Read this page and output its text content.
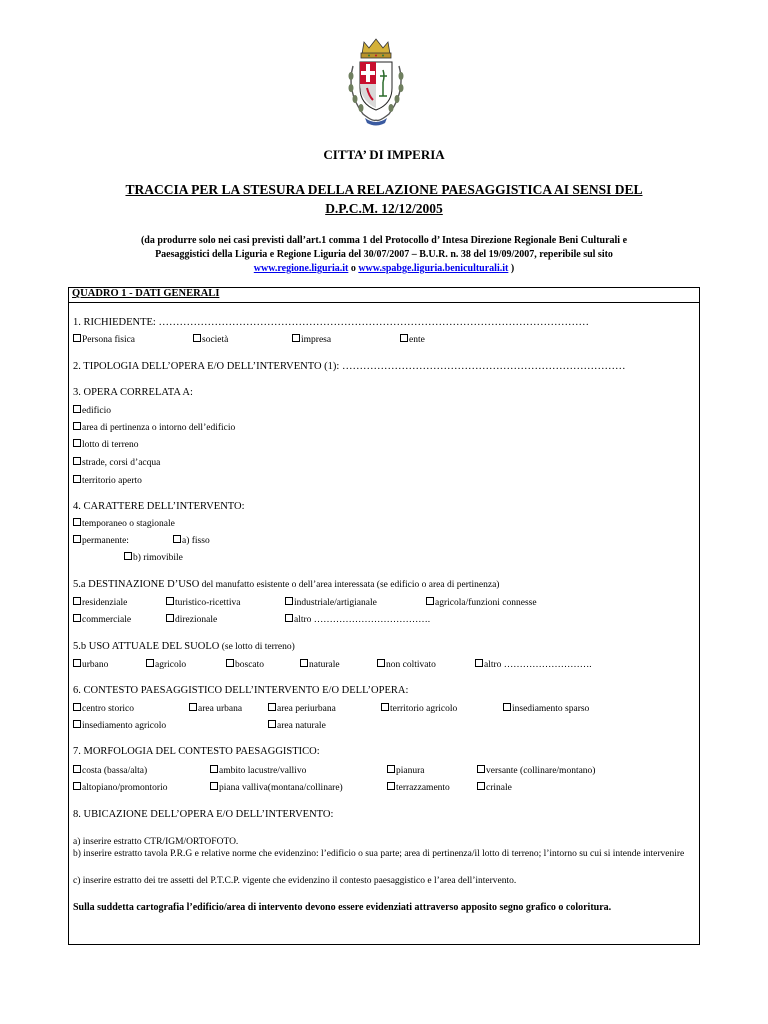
CITTA’ DI IMPERIA
TRACCIA PER LA STESURA DELLA RELAZIONE PAESAGGISTICA AI SENSI DEL
D.P.C.M. 12/12/2005
(da produrre solo nei casi previsti dall’art.1 comma 1 del Protocollo d’ Intesa Direzione Regionale Beni Culturali e
Paesaggistici della Liguria e Regione Liguria del 30/07/2007 – B.U.R. n. 38 del 19/09/2007, reperibile sul sito
www.regione.liguria.it o www.spabge.liguria.beniculturali.it )
QUADRO 1 - DATI GENERALI
1. RICHIEDENTE: ……………………………………………………………………………………………………………
Persona fisica	società	impresa	ente
2. TIPOLOGIA DELL’OPERA E/O DELL’INTERVENTO (1): ………………………………………………………………………
3. OPERA CORRELATA A:
edificio
area di pertinenza o intorno dell’edificio
lotto di terreno
strade, corsi d’acqua
territorio aperto
4. CARATTERE DELL’INTERVENTO:
temporaneo o stagionale
permanente:	a) fisso
b) rimovibile
5.a DESTINAZIONE D’USO del manufatto esistente o dell’area interessata (se edificio o area di pertinenza)
residenziale	turistico-ricettiva	industriale/artigianale	agricola/funzioni connesse
commerciale	direzionale	altro ……………………………….
5.b USO ATTUALE DEL SUOLO (se lotto di terreno)
urbano	agricolo	boscato	naturale	non coltivato	altro ……………………….
6. CONTESTO PAESAGGISTICO DELL’INTERVENTO E/O DELL’OPERA:
centro storico	area urbana	area periurbana	territorio agricolo	insediamento sparso
insediamento agricolo	area naturale
7. MORFOLOGIA DEL CONTESTO PAESAGGISTICO:
costa (bassa/alta)	ambito lacustre/vallivo	pianura	versante (collinare/montano)
altopiano/promontorio	piana valliva(montana/collinare)	terrazzamento	crinale
8. UBICAZIONE DELL’OPERA E/O DELL’INTERVENTO:
a) inserire estratto CTR/IGM/ORTOFOTO.
b) inserire estratto tavola P.R.G e relative norme che evidenzino: l’edificio o sua parte; area di pertinenza/il lotto di terreno; l’intorno su cui si intende intervenire
c) inserire estratto dei tre assetti del P.T.C.P. vigente che evidenzino il contesto paesaggistico e l’area dell’intervento.
Sulla suddetta cartografia l’edificio/area di intervento devono essere evidenziati attraverso apposito segno grafico o coloritura.
